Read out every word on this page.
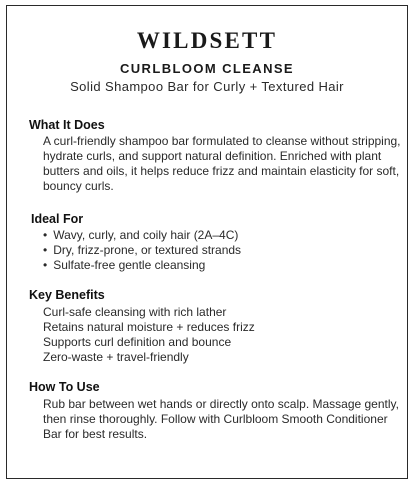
WILDSETT
CURLBLOOM CLEANSE
Solid Shampoo Bar for Curly + Textured Hair
What It Does
A curl-friendly shampoo bar formulated to cleanse without stripping, hydrate curls, and support natural definition. Enriched with plant butters and oils, it helps reduce frizz and maintain elasticity for soft, bouncy curls.
Ideal For
• Wavy, curly, and coily hair (2A–4C)
• Dry, frizz-prone, or textured strands
• Sulfate-free gentle cleansing
Key Benefits
Curl-safe cleansing with rich lather
Retains natural moisture + reduces frizz
Supports curl definition and bounce
Zero-waste + travel-friendly
How To Use
Rub bar between wet hands or directly onto scalp. Massage gently, then rinse thoroughly. Follow with Curlbloom Smooth Conditioner Bar for best results.
